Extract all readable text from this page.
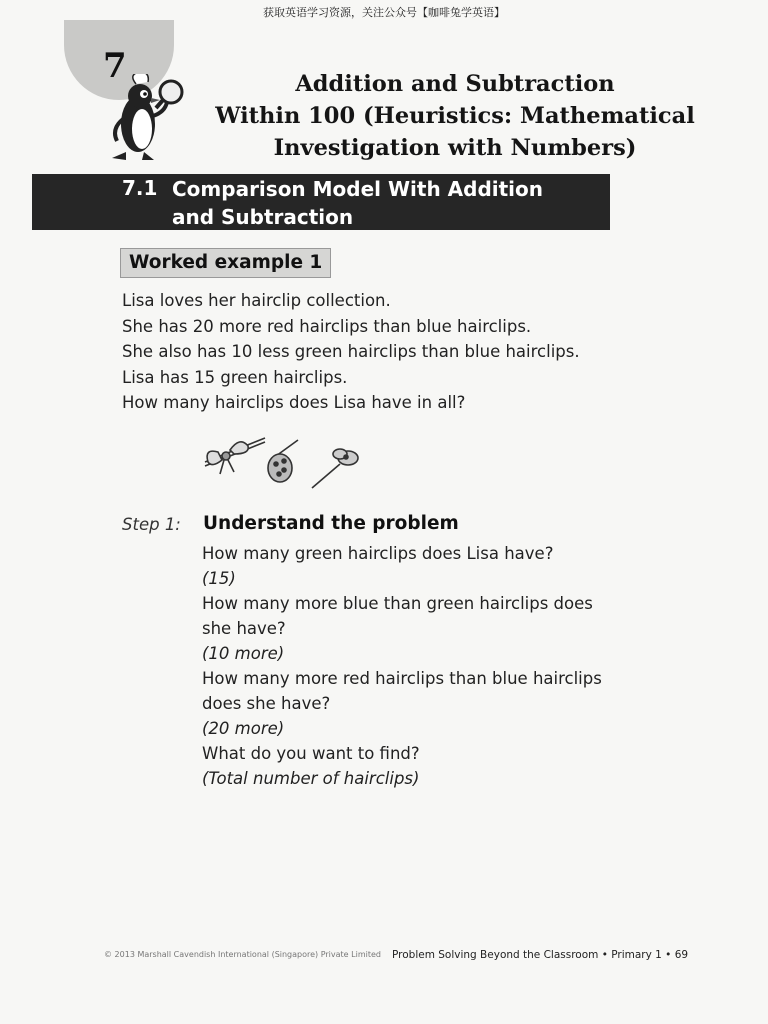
获取英语学习资源，关注公众号【咖啡兔学英语】
7	Addition and Subtraction
Within 100 (Heuristics: Mathematical
Investigation with Numbers)
7.1 Comparison Model With Addition
and Subtraction
Worked example 1
Lisa loves her hairclip collection.
She has 20 more red hairclips than blue hairclips.
She also has 10 less green hairclips than blue hairclips.
Lisa has 15 green hairclips.
How many hairclips does Lisa have in all?
Step 1: Understand the problem
How many green hairclips does Lisa have?
(15)
How many more blue than green hairclips does
she have?
(10 more)
How many more red hairclips than blue hairclips
does she have?
(20 more)
What do you want to find?
(Total number of hairclips)
© 2013 Marshall Cavendish International (Singapore) Private Limited Problem Solving Beyond the Classroom • Primary 1 • 69
